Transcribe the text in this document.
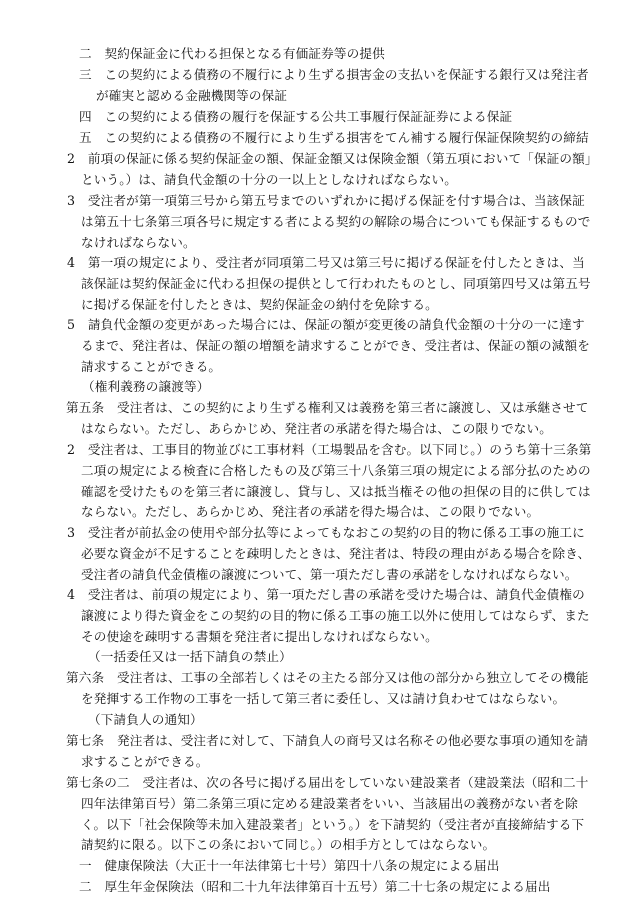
二　契約保証金に代わる担保となる有価証券等の提供
三　この契約による債務の不履行により生ずる損害金の支払いを保証する銀行又は発注者が確実と認める金融機関等の保証
四　この契約による債務の履行を保証する公共工事履行保証証券による保証
五　この契約による債務の不履行により生ずる損害をてん補する履行保証保険契約の締結
2　前項の保証に係る契約保証金の額、保証金額又は保険金額（第五項において「保証の額」という。）は、請負代金額の十分の一以上としなければならない。
3　受注者が第一項第三号から第五号までのいずれかに掲げる保証を付す場合は、当該保証は第五十七条第三項各号に規定する者による契約の解除の場合についても保証するものでなければならない。
4　第一項の規定により、受注者が同項第二号又は第三号に掲げる保証を付したときは、当該保証は契約保証金に代わる担保の提供として行われたものとし、同項第四号又は第五号に掲げる保証を付したときは、契約保証金の納付を免除する。
5　請負代金額の変更があった場合には、保証の額が変更後の請負代金額の十分の一に達するまで、発注者は、保証の額の増額を請求することができ、受注者は、保証の額の減額を請求することができる。
（権利義務の譲渡等）
第五条　受注者は、この契約により生ずる権利又は義務を第三者に譲渡し、又は承継させてはならない。ただし、あらかじめ、発注者の承諾を得た場合は、この限りでない。
2　受注者は、工事目的物並びに工事材料（工場製品を含む。以下同じ。）のうち第十三条第二項の規定による検査に合格したもの及び第三十八条第三項の規定による部分払のための確認を受けたものを第三者に譲渡し、貸与し、又は抵当権その他の担保の目的に供してはならない。ただし、あらかじめ、発注者の承諾を得た場合は、この限りでない。
3　受注者が前払金の使用や部分払等によってもなおこの契約の目的物に係る工事の施工に必要な資金が不足することを疎明したときは、発注者は、特段の理由がある場合を除き、受注者の請負代金債権の譲渡について、第一項ただし書の承諾をしなければならない。
4　受注者は、前項の規定により、第一項ただし書の承諾を受けた場合は、請負代金債権の譲渡により得た資金をこの契約の目的物に係る工事の施工以外に使用してはならず、またその使途を疎明する書類を発注者に提出しなければならない。
（一括委任又は一括下請負の禁止）
第六条　受注者は、工事の全部若しくはその主たる部分又は他の部分から独立してその機能を発揮する工作物の工事を一括して第三者に委任し、又は請け負わせてはならない。
（下請負人の通知）
第七条　発注者は、受注者に対して、下請負人の商号又は名称その他必要な事項の通知を請求することができる。
第七条の二　受注者は、次の各号に掲げる届出をしていない建設業者（建設業法（昭和二十四年法律第百号）第二条第三項に定める建設業者をいい、当該届出の義務がない者を除く。以下「社会保険等未加入建設業者」という。）を下請契約（受注者が直接締結する下請契約に限る。以下この条において同じ。）の相手方としてはならない。
一　健康保険法（大正十一年法律第七十号）第四十八条の規定による届出
二　厚生年金保険法（昭和二十九年法律第百十五号）第二十七条の規定による届出
